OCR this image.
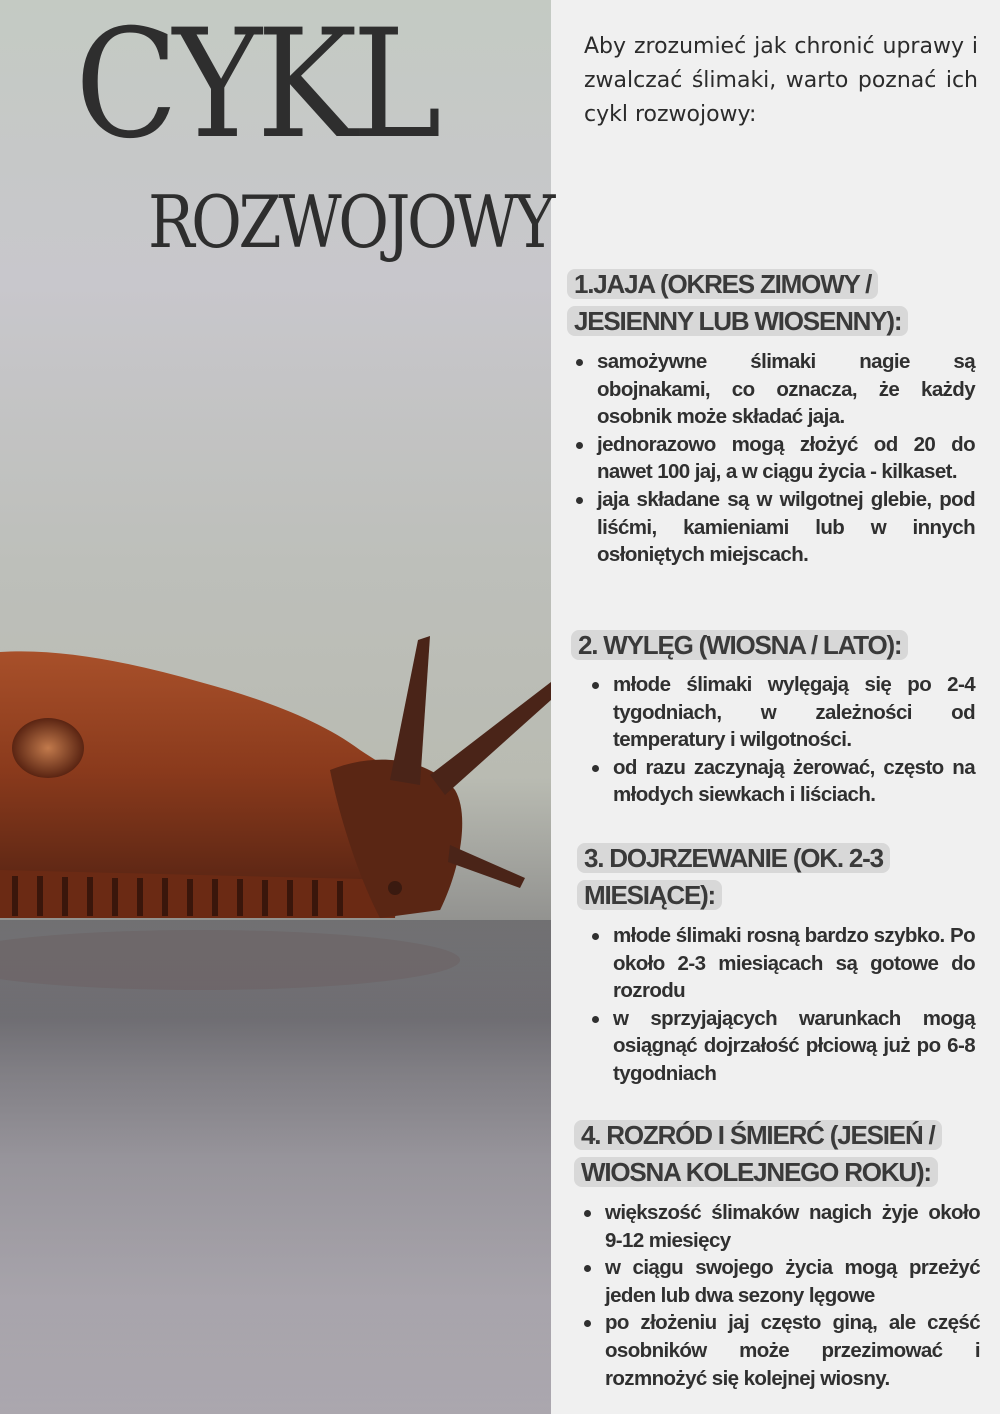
CYKL
ROZWOJOWY

Aby zrozumieć jak chronić uprawy i zwalczać ślimaki, warto poznać ich cykl rozwojowy:

1.JAJA (OKRES ZIMOWY / JESIENNY LUB WIOSENNY):
samożywne ślimaki nagie są obojnakami, co oznacza, że każdy osobnik może składać jaja.
jednorazowo mogą złożyć od 20 do nawet 100 jaj, a w ciągu życia - kilkaset.
jaja składane są w wilgotnej glebie, pod liśćmi, kamieniami lub w innych osłoniętych miejscach.
2. WYLĘG (WIOSNA / LATO):
młode ślimaki wylęgają się po 2-4 tygodniach, w zależności od temperatury i wilgotności.
od razu zaczynają żerować, często na młodych siewkach i liściach.
3. DOJRZEWANIE (OK. 2-3 MIESIĄCE):
młode ślimaki rosną bardzo szybko. Po około 2-3 miesiącach są gotowe do rozrodu
w sprzyjających warunkach mogą osiągnąć dojrzałość płciową już po 6-8 tygodniach
4. ROZRÓD I ŚMIERĆ (JESIEŃ / WIOSNA KOLEJNEGO ROKU):
większość ślimaków nagich żyje około 9-12 miesięcy
w ciągu swojego życia mogą przeżyć jeden lub dwa sezony lęgowe
po złożeniu jaj często giną, ale część osobników może przezimować i rozmnożyć się kolejnej wiosny.
